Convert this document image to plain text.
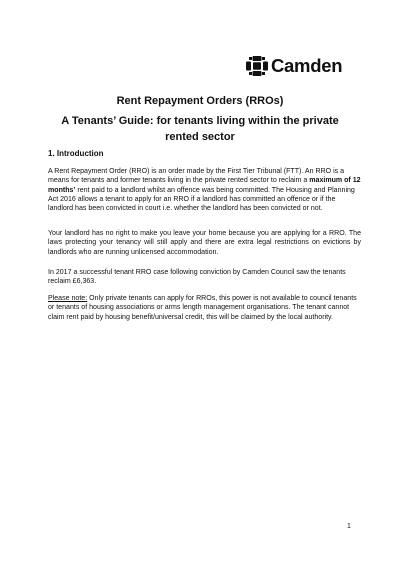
Camden
Rent Repayment Orders (RROs)
A Tenants’ Guide: for tenants living within the private rented sector
1. Introduction

A Rent Repayment Order (RRO) is an order made by the First Tier Tribunal (FTT). An RRO is a means for tenants and former tenants living in the private rented sector to reclaim a maximum of 12 months’ rent paid to a landlord whilst an offence was being committed. The Housing and Planning Act 2016 allows a tenant to apply for an RRO if a landlord has committed an offence or if the landlord has been convicted in court i.e. whether the landlord has been convicted or not.

Your landlord has no right to make you leave your home because you are applying for a RRO. The laws protecting your tenancy will still apply and there are extra legal restrictions on evictions by landlords who are running unlicensed accommodation.

In 2017 a successful tenant RRO case following conviction by Camden Council saw the tenants reclaim £6,363.

Please note: Only private tenants can apply for RROs, this power is not available to council tenants or tenants of housing associations or arms length management organisations. The tenant cannot claim rent paid by housing benefit/universal credit, this will be claimed by the local authority.

1
